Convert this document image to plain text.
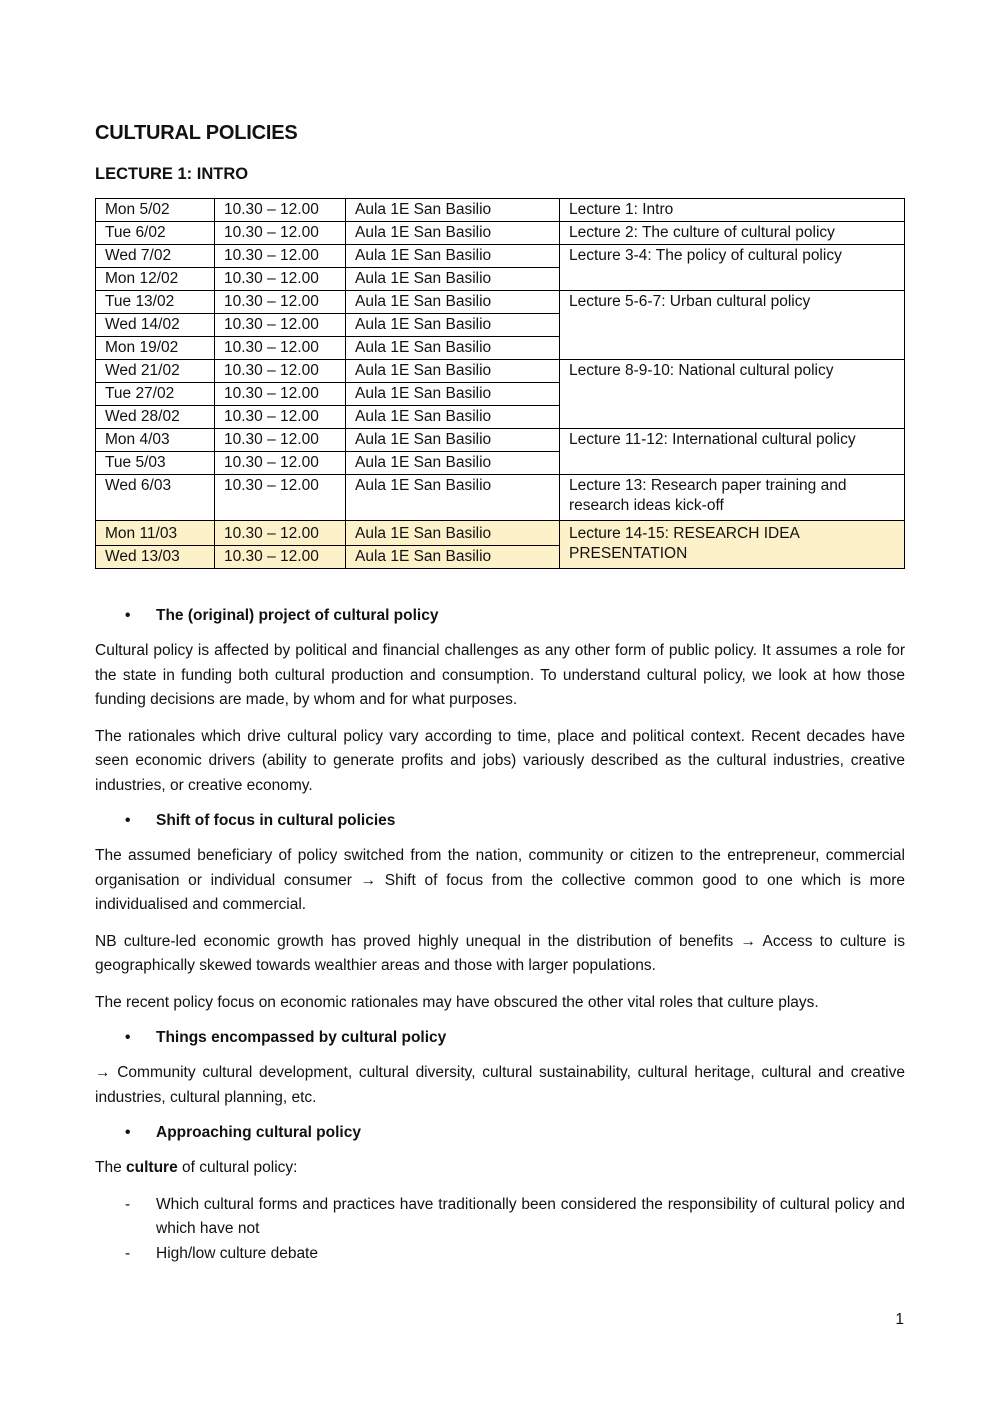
CULTURAL POLICIES
LECTURE 1: INTRO
Mon 5/02	10.30 – 12.00	Aula 1E San Basilio	Lecture 1: Intro
Tue 6/02	10.30 – 12.00	Aula 1E San Basilio	Lecture 2: The culture of cultural policy
Wed 7/02	10.30 – 12.00	Aula 1E San Basilio	Lecture 3-4: The policy of cultural policy
Mon 12/02	10.30 – 12.00	Aula 1E San Basilio	
Tue 13/02	10.30 – 12.00	Aula 1E San Basilio	Lecture 5-6-7: Urban cultural policy
Wed 14/02	10.30 – 12.00	Aula 1E San Basilio	
Mon 19/02	10.30 – 12.00	Aula 1E San Basilio	
Wed 21/02	10.30 – 12.00	Aula 1E San Basilio	Lecture 8-9-10: National cultural policy
Tue 27/02	10.30 – 12.00	Aula 1E San Basilio	
Wed 28/02	10.30 – 12.00	Aula 1E San Basilio	
Mon 4/03	10.30 – 12.00	Aula 1E San Basilio	Lecture 11-12: International cultural policy
Tue 5/03	10.30 – 12.00	Aula 1E San Basilio	
Wed 6/03	10.30 – 12.00	Aula 1E San Basilio	Lecture 13: Research paper training and research ideas kick-off
Mon 11/03	10.30 – 12.00	Aula 1E San Basilio	Lecture 14-15: RESEARCH IDEA PRESENTATION
Wed 13/03	10.30 – 12.00	Aula 1E San Basilio	
•	The (original) project of cultural policy

Cultural policy is affected by political and financial challenges as any other form of public policy. It assumes a role for the state in funding both cultural production and consumption. To understand cultural policy, we look at how those funding decisions are made, by whom and for what purposes.

The rationales which drive cultural policy vary according to time, place and political context. Recent decades have seen economic drivers (ability to generate profits and jobs) variously described as the cultural industries, creative industries, or creative economy.

•	Shift of focus in cultural policies

The assumed beneficiary of policy switched from the nation, community or citizen to the entrepreneur, commercial organisation or individual consumer → Shift of focus from the collective common good to one which is more individualised and commercial.

NB culture-led economic growth has proved highly unequal in the distribution of benefits → Access to culture is geographically skewed towards wealthier areas and those with larger populations.

The recent policy focus on economic rationales may have obscured the other vital roles that culture plays.

•	Things encompassed by cultural policy

→ Community cultural development, cultural diversity, cultural sustainability, cultural heritage, cultural and creative industries, cultural planning, etc.

•	Approaching cultural policy

The culture of cultural policy:

-	Which cultural forms and practices have traditionally been considered the responsibility of cultural policy and which have not
-	High/low culture debate
1
